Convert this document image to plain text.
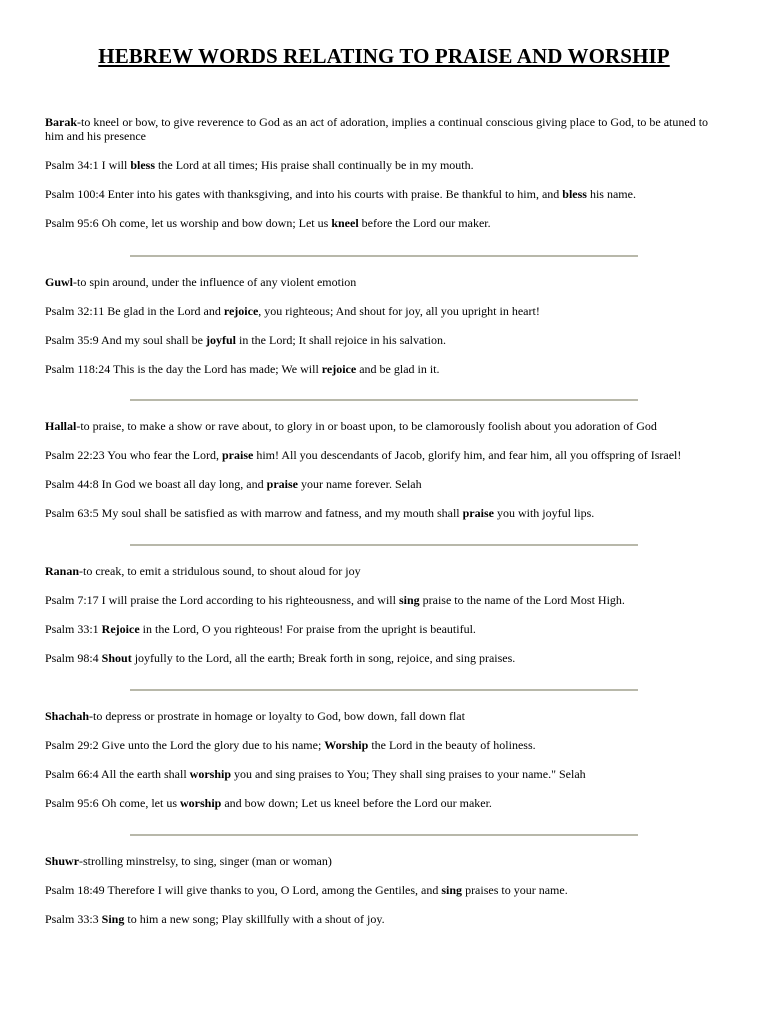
HEBREW WORDS RELATING TO PRAISE AND WORSHIP

Barak-to kneel or bow, to give reverence to God as an act of adoration, implies a continual conscious giving place to God, to be atuned to him and his presence

Psalm 34:1 I will bless the Lord at all times; His praise shall continually be in my mouth.

Psalm 100:4 Enter into his gates with thanksgiving, and into his courts with praise. Be thankful to him, and bless his name.

Psalm 95:6 Oh come, let us worship and bow down; Let us kneel before the Lord our maker.

Guwl-to spin around, under the influence of any violent emotion

Psalm 32:11 Be glad in the Lord and rejoice, you righteous; And shout for joy, all you upright in heart!

Psalm 35:9 And my soul shall be joyful in the Lord; It shall rejoice in his salvation.

Psalm 118:24 This is the day the Lord has made; We will rejoice and be glad in it.

Hallal-to praise, to make a show or rave about, to glory in or boast upon, to be clamorously foolish about you adoration of God

Psalm 22:23 You who fear the Lord, praise him! All you descendants of Jacob, glorify him, and fear him, all you offspring of Israel!

Psalm 44:8 In God we boast all day long, and praise your name forever. Selah

Psalm 63:5 My soul shall be satisfied as with marrow and fatness, and my mouth shall praise you with joyful lips.

Ranan-to creak, to emit a stridulous sound, to shout aloud for joy

Psalm 7:17 I will praise the Lord according to his righteousness, and will sing praise to the name of the Lord Most High.

Psalm 33:1 Rejoice in the Lord, O you righteous! For praise from the upright is beautiful.

Psalm 98:4 Shout joyfully to the Lord, all the earth; Break forth in song, rejoice, and sing praises.

Shachah-to depress or prostrate in homage or loyalty to God, bow down, fall down flat

Psalm 29:2 Give unto the Lord the glory due to his name; Worship the Lord in the beauty of holiness.

Psalm 66:4 All the earth shall worship you and sing praises to You; They shall sing praises to your name." Selah

Psalm 95:6 Oh come, let us worship and bow down; Let us kneel before the Lord our maker.

Shuwr-strolling minstrelsy, to sing, singer (man or woman)

Psalm 18:49 Therefore I will give thanks to you, O Lord, among the Gentiles, and sing praises to your name.

Psalm 33:3 Sing to him a new song; Play skillfully with a shout of joy.
